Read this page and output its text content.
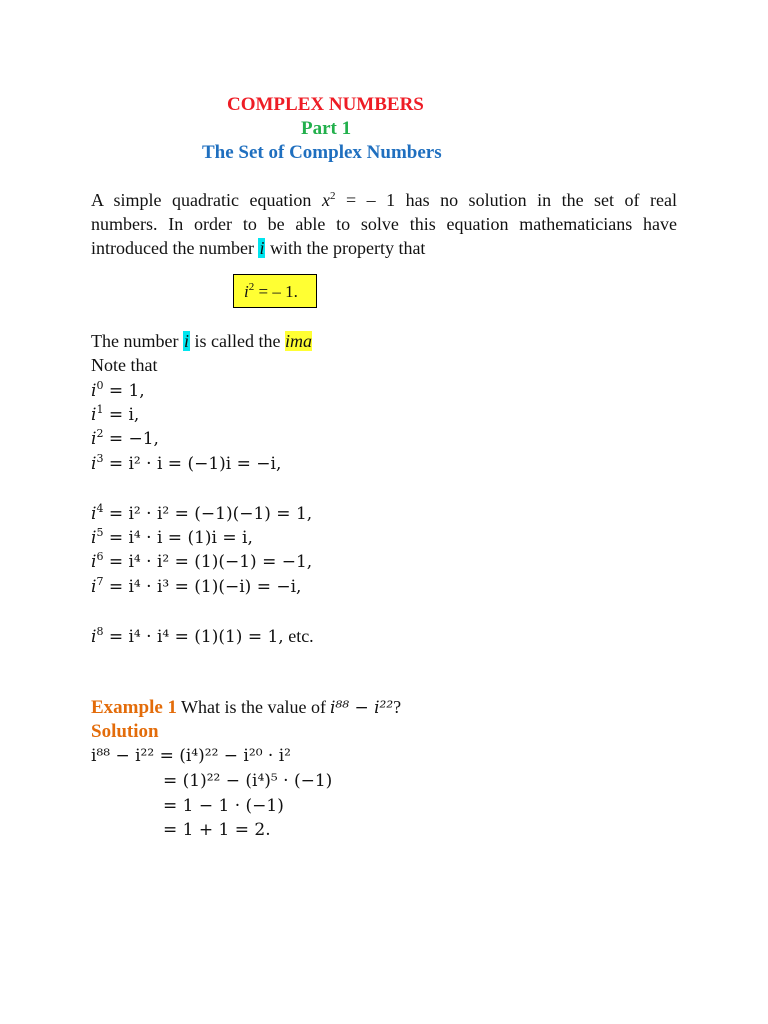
COMPLEX NUMBERS
Part 1
The Set of Complex Numbers
A simple quadratic equation $x^2$ = – 1 has no solution in the set of real
numbers. In order to be able to solve this equation mathematicians have
introduced the number i with the property that
$i^2$ = – 1.
The number i is called the ima
Note that
$i^0 = 1$,
$i^1 = i$,
$i^2 = -1$,
$i^3 = i^2 \cdot i = (-1)i = -i$,
$i^4 = i^2 \cdot i^2 = (-1)(-1) = 1$,
$i^5 = i^4 \cdot i = (1)i = i$,
$i^6 = i^4 \cdot i^2 = (1)(-1) = -1$,
$i^7 = i^4 \cdot i^3 = (1)(-i) = -i$,
$i^8 = i^4 \cdot i^4 = (1)(1) = 1$, etc.
Example 1 What is the value of i⁸⁸ − i²²?
Solution
i⁸⁸ − i²² = (i⁴)²² − i²⁰ · i²
= (1)²² − (i⁴)⁵ · (−1)
= 1 − 1 · (−1)
= 1 + 1 = 2.
